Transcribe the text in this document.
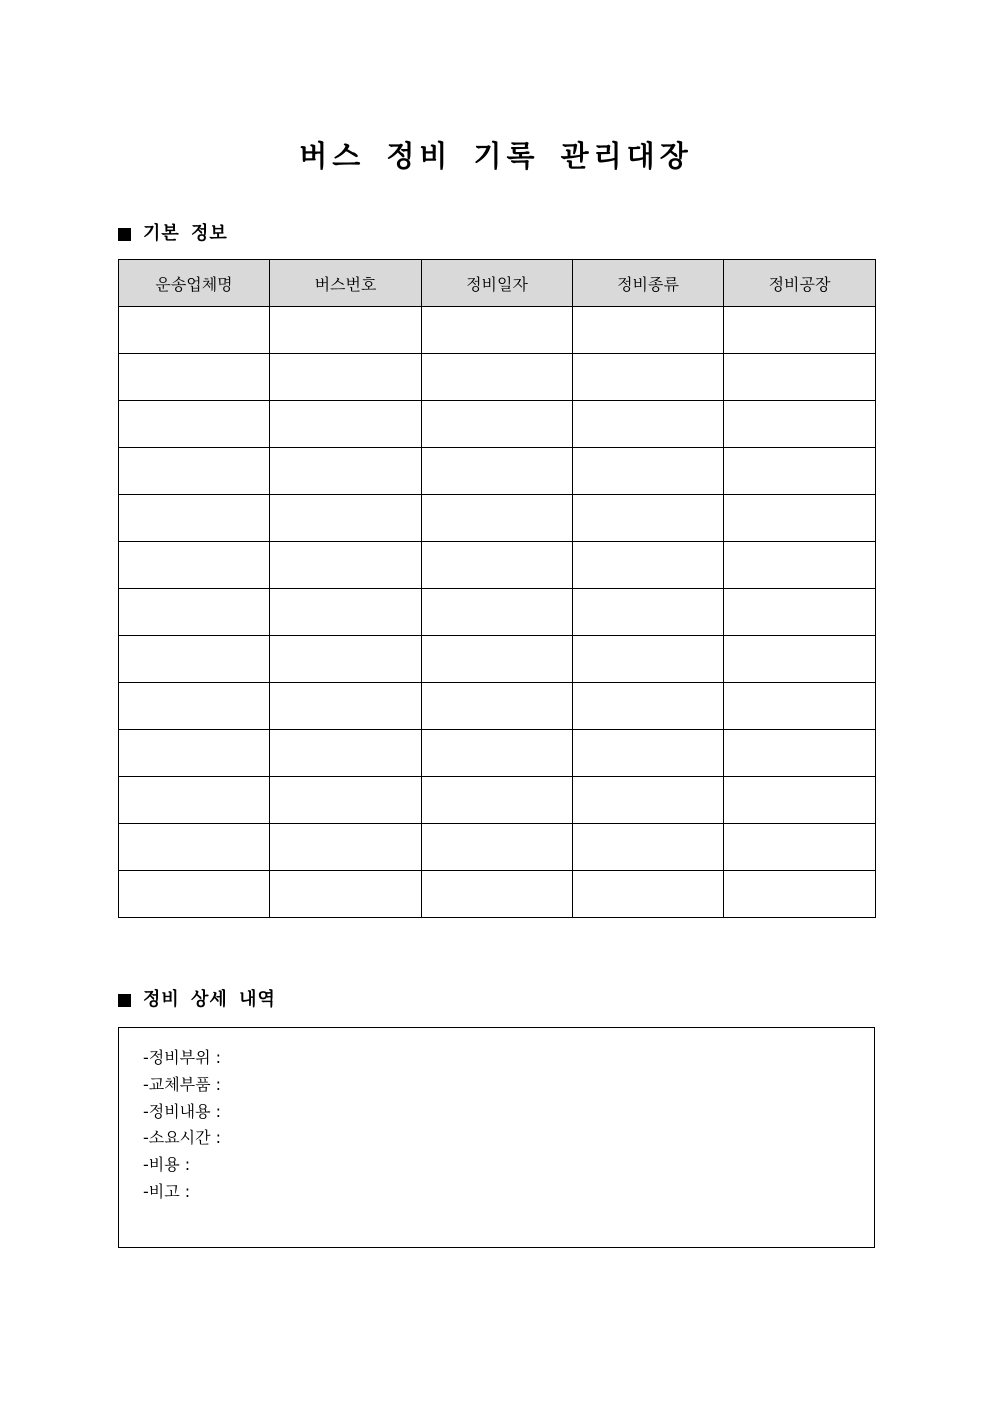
버스 정비 기록 관리대장
기본 정보
운송업체명	버스번호	정비일자	정비종류	정비공장

정비 상세 내역
-정비부위 :
-교체부품 :
-정비내용 :
-소요시간 :
-비용 :
-비고 :
